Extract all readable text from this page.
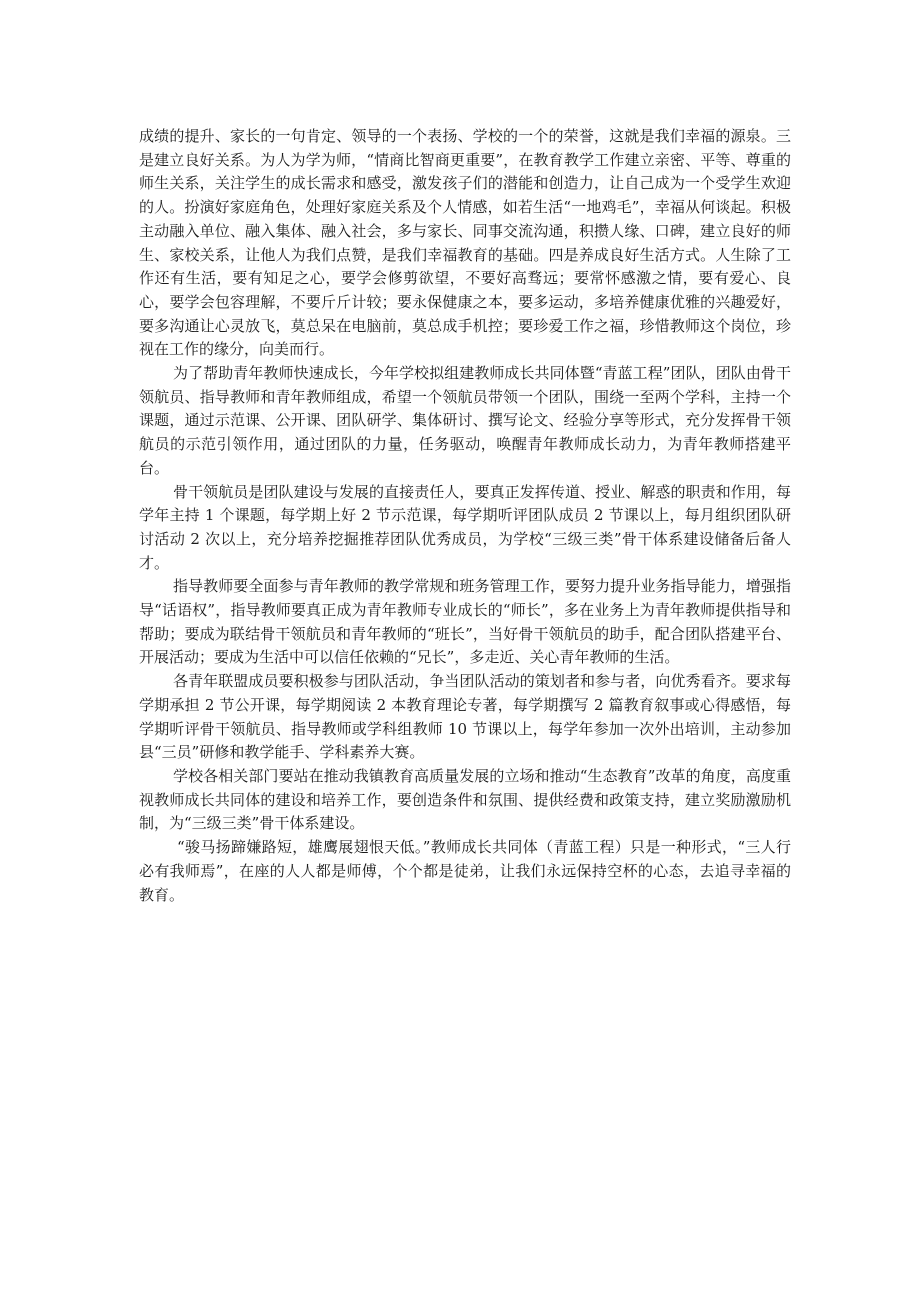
成绩的提升、家长的一句肯定、领导的一个表扬、学校的一个的荣誉，这就是我们幸福的源泉。三是建立良好关系。为人为学为师，“情商比智商更重要”，在教育教学工作建立亲密、平等、尊重的师生关系，关注学生的成长需求和感受，激发孩子们的潜能和创造力，让自己成为一个受学生欢迎的人。扮演好家庭角色，处理好家庭关系及个人情感，如若生活“一地鸡毛”，幸福从何谈起。积极主动融入单位、融入集体、融入社会，多与家长、同事交流沟通，积攒人缘、口碑，建立良好的师生、家校关系，让他人为我们点赞，是我们幸福教育的基础。四是养成良好生活方式。人生除了工作还有生活，要有知足之心，要学会修剪欲望，不要好高骛远；要常怀感激之情，要有爱心、良心，要学会包容理解，不要斤斤计较；要永保健康之本，要多运动，多培养健康优雅的兴趣爱好，要多沟通让心灵放飞，莫总呆在电脑前，莫总成手机控；要珍爱工作之福，珍惜教师这个岗位，珍视在工作的缘分，向美而行。

为了帮助青年教师快速成长，今年学校拟组建教师成长共同体暨“青蓝工程”团队，团队由骨干领航员、指导教师和青年教师组成，希望一个领航员带领一个团队，围绕一至两个学科，主持一个课题，通过示范课、公开课、团队研学、集体研讨、撰写论文、经验分享等形式，充分发挥骨干领航员的示范引领作用，通过团队的力量，任务驱动，唤醒青年教师成长动力，为青年教师搭建平台。

骨干领航员是团队建设与发展的直接责任人，要真正发挥传道、授业、解惑的职责和作用，每学年主持 1 个课题，每学期上好 2 节示范课，每学期听评团队成员 2 节课以上，每月组织团队研讨活动 2 次以上，充分培养挖掘推荐团队优秀成员，为学校“三级三类”骨干体系建设储备后备人才。

指导教师要全面参与青年教师的教学常规和班务管理工作，要努力提升业务指导能力，增强指导“话语权”，指导教师要真正成为青年教师专业成长的“师长”，多在业务上为青年教师提供指导和帮助；要成为联结骨干领航员和青年教师的“班长”，当好骨干领航员的助手，配合团队搭建平台、开展活动；要成为生活中可以信任依赖的“兄长”，多走近、关心青年教师的生活。

各青年联盟成员要积极参与团队活动，争当团队活动的策划者和参与者，向优秀看齐。要求每学期承担 2 节公开课，每学期阅读 2 本教育理论专著，每学期撰写 2 篇教育叙事或心得感悟，每学期听评骨干领航员、指导教师或学科组教师 10 节课以上，每学年参加一次外出培训，主动参加县“三员”研修和教学能手、学科素养大赛。

学校各相关部门要站在推动我镇教育高质量发展的立场和推动“生态教育”改革的角度，高度重视教师成长共同体的建设和培养工作，要创造条件和氛围、提供经费和政策支持，建立奖励激励机制，为“三级三类”骨干体系建设。

“骏马扬蹄嫌路短，雄鹰展翅恨天低。”教师成长共同体（青蓝工程）只是一种形式，“三人行必有我师焉”，在座的人人都是师傅，个个都是徒弟，让我们永远保持空杯的心态，去追寻幸福的教育。
